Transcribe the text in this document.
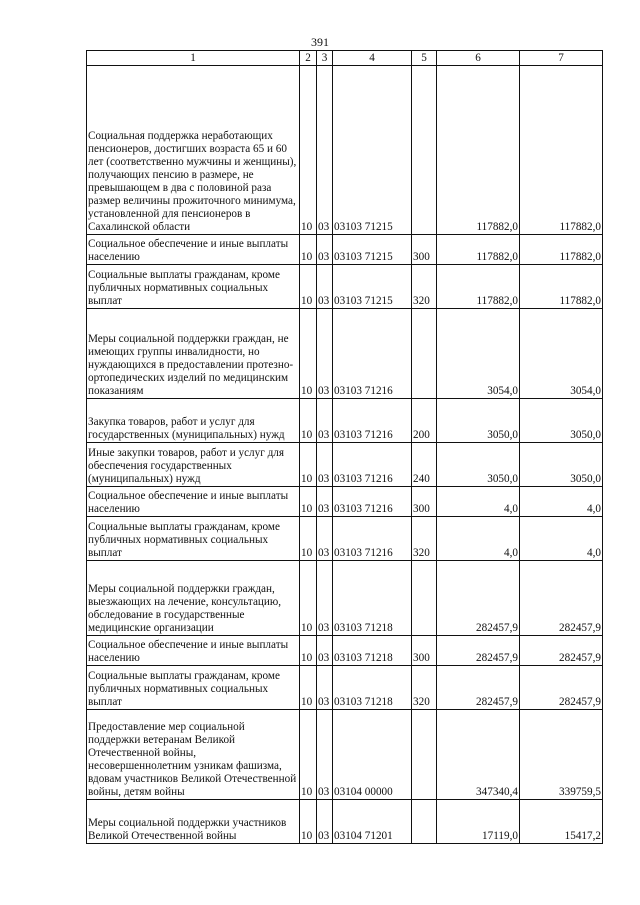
391
1	2	3	4	5	6	7
Социальная поддержка неработающих пенсионеров, достигших возраста 65 и 60 лет (соответственно мужчины и женщины), получающих пенсию в размере, не превышающем в два с половиной раза размер величины прожиточного минимума, установленной для пенсионеров в Сахалинской области	10	03	03103 71215		117882,0	117882,0
Социальное обеспечение и иные выплаты населению	10	03	03103 71215	300	117882,0	117882,0
Социальные выплаты гражданам, кроме публичных нормативных социальных выплат	10	03	03103 71215	320	117882,0	117882,0
Меры социальной поддержки граждан, не имеющих группы инвалидности, но нуждающихся в предоставлении протезно-ортопедических изделий по медицинским показаниям	10	03	03103 71216		3054,0	3054,0
Закупка товаров, работ и услуг для государственных (муниципальных) нужд	10	03	03103 71216	200	3050,0	3050,0
Иные закупки товаров, работ и услуг для обеспечения государственных (муниципальных) нужд	10	03	03103 71216	240	3050,0	3050,0
Социальное обеспечение и иные выплаты населению	10	03	03103 71216	300	4,0	4,0
Социальные выплаты гражданам, кроме публичных нормативных социальных выплат	10	03	03103 71216	320	4,0	4,0
Меры социальной поддержки граждан, выезжающих на лечение, консультацию, обследование в государственные медицинские организации	10	03	03103 71218		282457,9	282457,9
Социальное обеспечение и иные выплаты населению	10	03	03103 71218	300	282457,9	282457,9
Социальные выплаты гражданам, кроме публичных нормативных социальных выплат	10	03	03103 71218	320	282457,9	282457,9
Предоставление мер социальной поддержки ветеранам Великой Отечественной войны, несовершеннолетним узникам фашизма, вдовам участников Великой Отечественной войны, детям войны	10	03	03104 00000		347340,4	339759,5
Меры социальной поддержки участников Великой Отечественной войны	10	03	03104 71201		17119,0	15417,2
